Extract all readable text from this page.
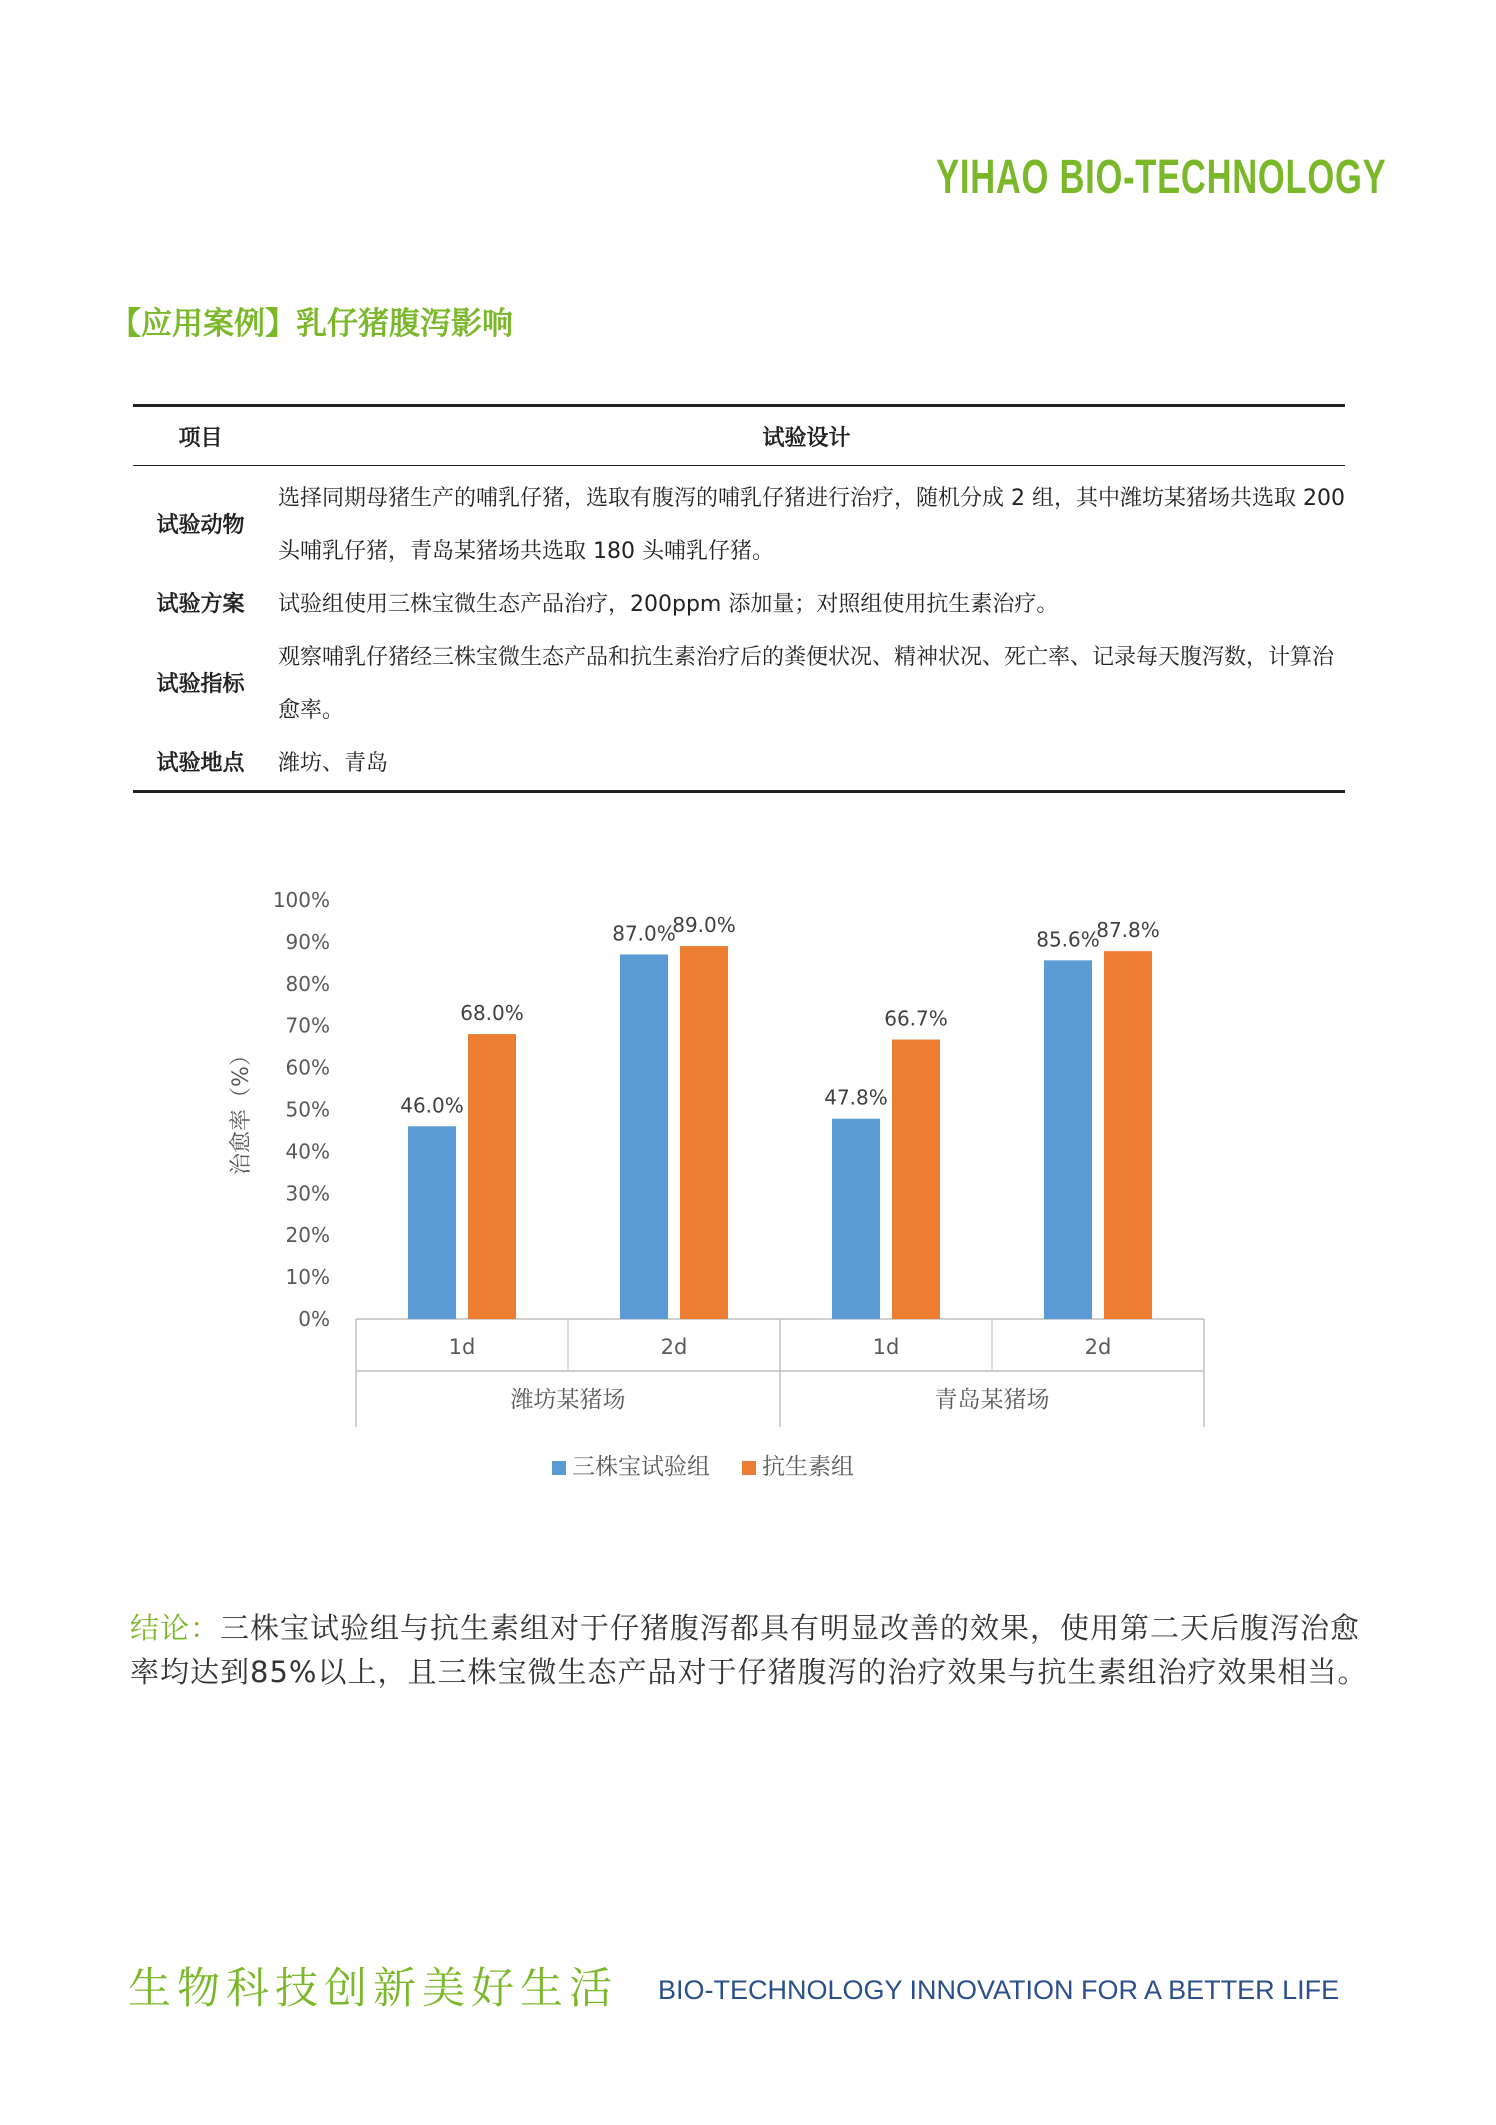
YIHAO BIO-TECHNOLOGY
【应用案例】乳仔猪腹泻影响
项目	试验设计
试验动物	选择同期母猪生产的哺乳仔猪，选取有腹泻的哺乳仔猪进行治疗，随机分成 2 组，其中潍坊某猪场共选取 200 头哺乳仔猪，青岛某猪场共选取 180 头哺乳仔猪。
试验方案	试验组使用三株宝微生态产品治疗，200ppm 添加量；对照组使用抗生素治疗。
试验指标	观察哺乳仔猪经三株宝微生态产品和抗生素治疗后的粪便状况、精神状况、死亡率、记录每天腹泻数，计算治愈率。
试验地点	潍坊、青岛
0%
10%
20%
30%
40%
50%
60%
70%
80%
90%
100%
治愈率（%）	46.0%
68.0%
1d
87.0%
89.0%
2d
47.8%
66.7%
1d
85.6%
87.8%
2d
潍坊某猪场	青岛某猪场
三株宝试验组 抗生素组
结论：三株宝试验组与抗生素组对于仔猪腹泻都具有明显改善的效果，使用第二天后腹泻治愈率均达到85%以上，且三株宝微生态产品对于仔猪腹泻的治疗效果与抗生素组治疗效果相当。
生物科技创新美好生活 BIO-TECHNOLOGY INNOVATION FOR A BETTER LIFE
